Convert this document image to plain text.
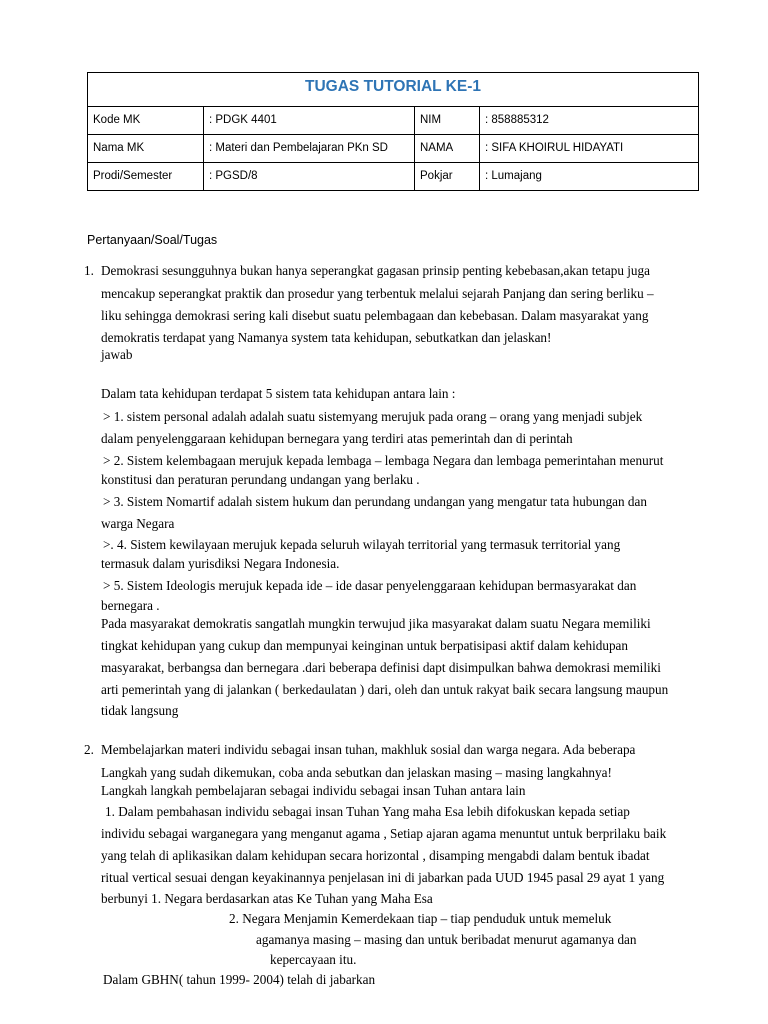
TUGAS TUTORIAL KE-1			
Kode MK	: PDGK 4401	NIM	: 858885312
Nama MK	: Materi dan Pembelajaran PKn SD	NAMA	: SIFA KHOIRUL HIDAYATI
Prodi/Semester	: PGSD/8	Pokjar	: Lumajang
Pertanyaan/Soal/Tugas
1. Demokrasi sesungguhnya bukan hanya seperangkat gagasan prinsip penting kebebasan,akan tetapu juga
mencakup seperangkat praktik dan prosedur yang terbentuk melalui sejarah Panjang dan sering berliku –
liku sehingga demokrasi sering kali disebut suatu pelembagaan dan kebebasan. Dalam masyarakat yang
demokratis terdapat yang Namanya system tata kehidupan, sebutkatkan dan jelaskan!
jawab
Dalam tata kehidupan terdapat 5 sistem tata kehidupan antara lain :
> 1. sistem personal adalah adalah suatu sistemyang merujuk pada orang – orang yang menjadi subjek
dalam penyelenggaraan kehidupan bernegara yang terdiri atas pemerintah dan di perintah
> 2. Sistem kelembagaan merujuk kepada lembaga – lembaga Negara dan lembaga pemerintahan menurut
konstitusi dan peraturan perundang undangan yang berlaku .
> 3. Sistem Nomartif adalah sistem hukum dan perundang undangan yang mengatur tata hubungan dan
warga Negara
>. 4. Sistem kewilayaan merujuk kepada seluruh wilayah territorial yang termasuk territorial yang
termasuk dalam yurisdiksi Negara Indonesia.
> 5. Sistem Ideologis merujuk kepada ide – ide dasar penyelenggaraan kehidupan bermasyarakat dan
bernegara .
Pada masyarakat demokratis sangatlah mungkin terwujud jika masyarakat dalam suatu Negara memiliki
tingkat kehidupan yang cukup dan mempunyai keinginan untuk berpatisipasi aktif dalam kehidupan
masyarakat, berbangsa dan bernegara .dari beberapa definisi dapt disimpulkan bahwa demokrasi memiliki
arti pemerintah yang di jalankan ( berkedaulatan ) dari, oleh dan untuk rakyat baik secara langsung maupun
tidak langsung
2. Membelajarkan materi individu sebagai insan tuhan, makhluk sosial dan warga negara. Ada beberapa
Langkah yang sudah dikemukan, coba anda sebutkan dan jelaskan masing – masing langkahnya!
Langkah langkah pembelajaran sebagai individu sebagai insan Tuhan antara lain
1. Dalam pembahasan individu sebagai insan Tuhan Yang maha Esa lebih difokuskan kepada setiap
individu sebagai warganegara yang menganut agama , Setiap ajaran agama menuntut untuk berprilaku baik
yang telah di aplikasikan dalam kehidupan secara horizontal , disamping mengabdi dalam bentuk ibadat
ritual vertical sesuai dengan keyakinannya penjelasan ini di jabarkan pada UUD 1945 pasal 29 ayat 1 yang
berbunyi 1. Negara berdasarkan atas Ke Tuhan yang Maha Esa
2. Negara Menjamin Kemerdekaan tiap – tiap penduduk untuk memeluk
agamanya masing – masing dan untuk beribadat menurut agamanya dan
kepercayaan itu.
Dalam GBHN( tahun 1999- 2004) telah di jabarkan
